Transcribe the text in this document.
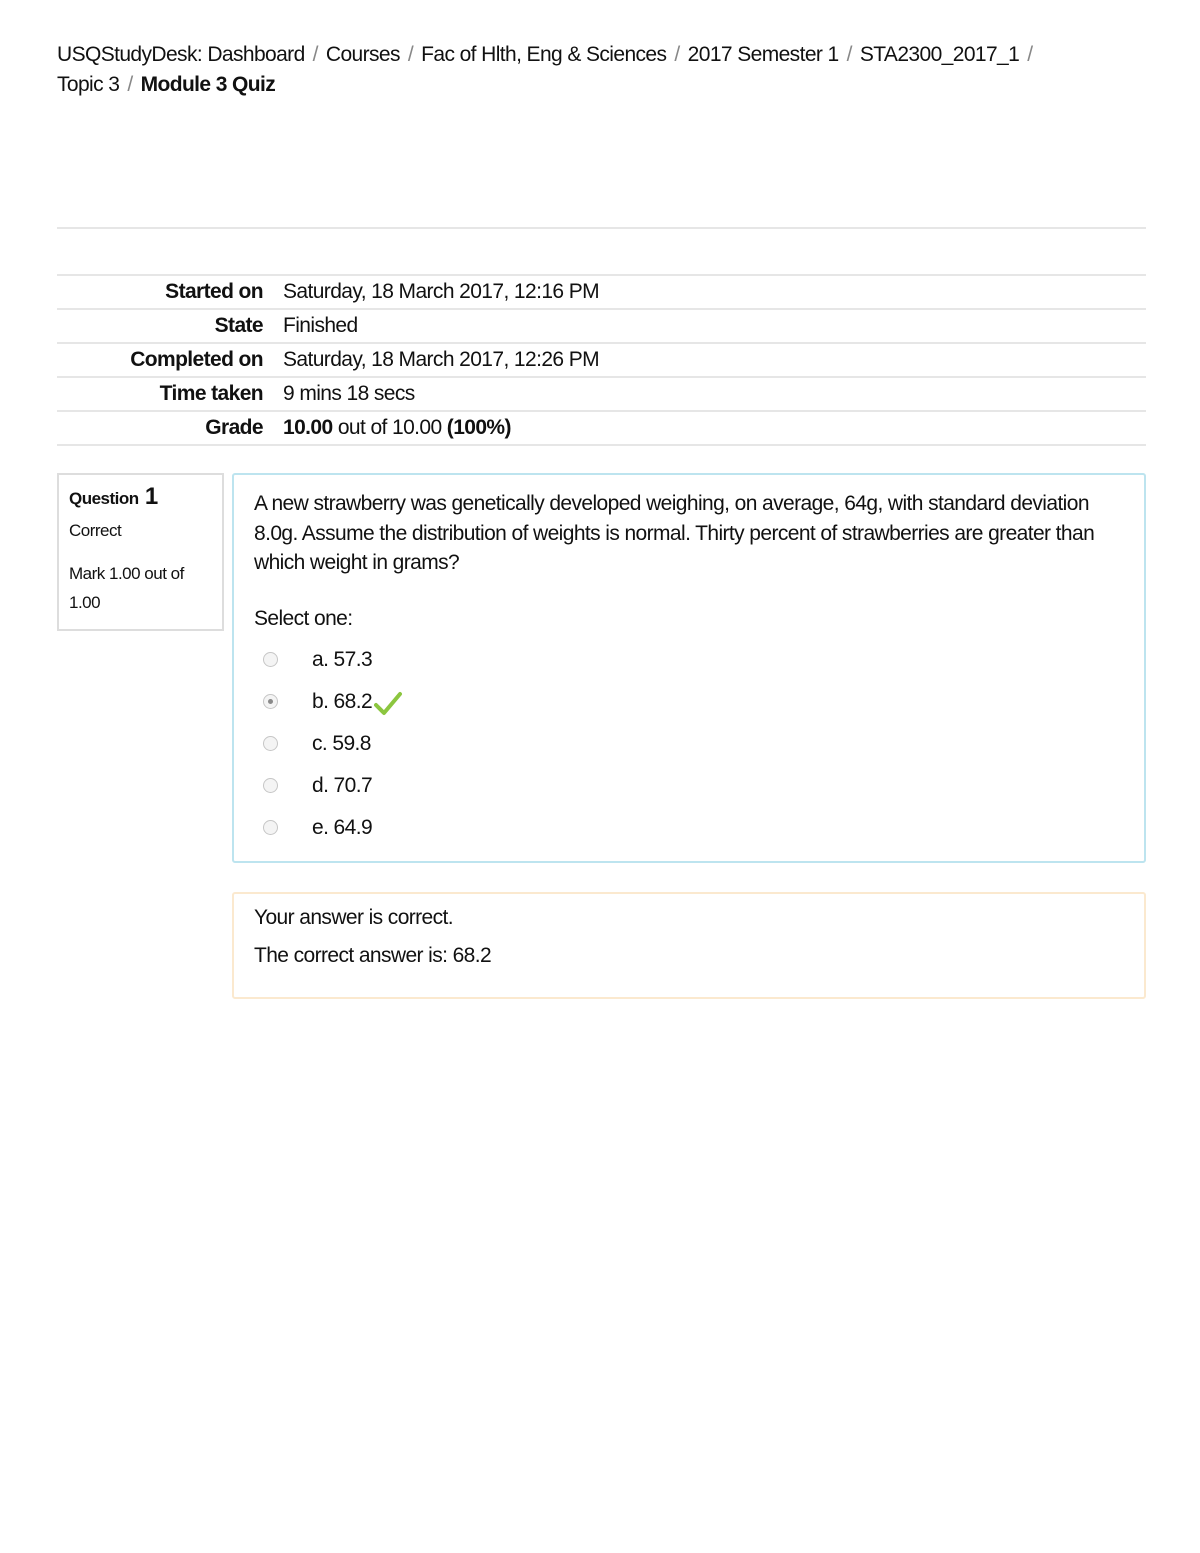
USQStudyDesk: Dashboard / Courses / Fac of Hlth, Eng & Sciences / 2017 Semester 1 / STA2300_2017_1 /
Topic 3 / Module 3 Quiz
Started on Saturday, 18 March 2017, 12:16 PM
State Finished
Completed on Saturday, 18 March 2017, 12:26 PM
Time taken 9 mins 18 secs
Grade 10.00 out of 10.00 (100%)
Question 1
Correct
Mark 1.00 out of 1.00
A new strawberry was genetically developed weighing, on average, 64g, with standard deviation 8.0g. Assume the distribution of weights is normal. Thirty percent of strawberries are greater than which weight in grams?
Select one:
a. 57.3
b. 68.2
c. 59.8
d. 70.7
e. 64.9
Your answer is correct.
The correct answer is: 68.2
